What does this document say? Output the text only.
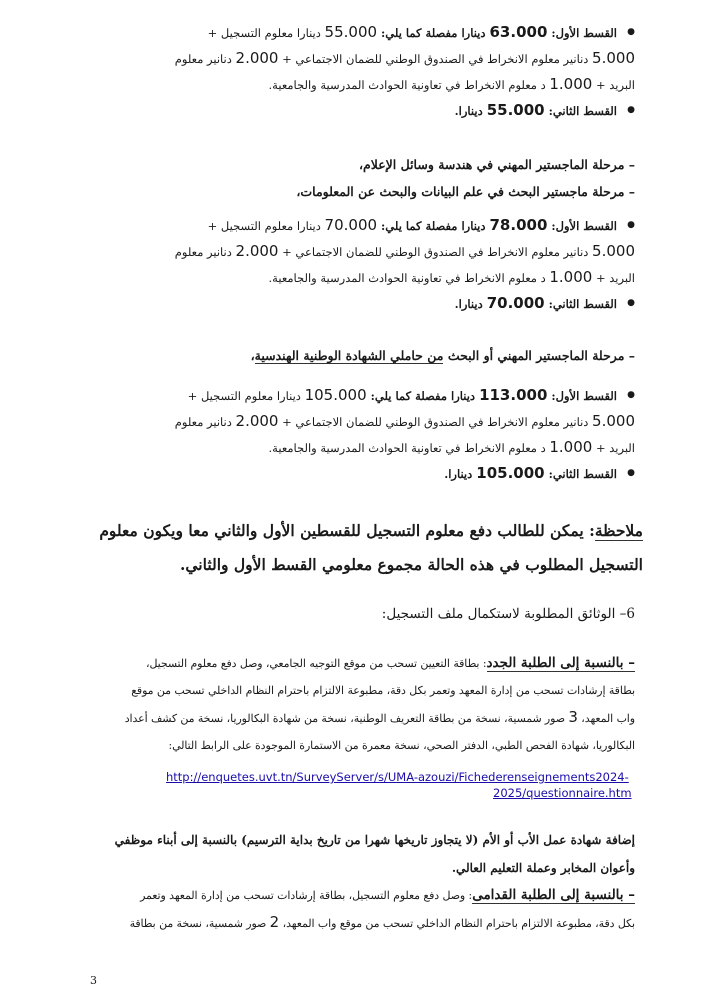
● القسط الأول: 63.000 دينارا مفصلة كما يلي: 55.000 دينارا معلوم التسجيل +
5.000 دنانير معلوم الانخراط في الصندوق الوطني للضمان الاجتماعي + 2.000 دنانير معلوم
البريد + 1.000 د معلوم الانخراط في تعاونية الحوادث المدرسية والجامعية.
● القسط الثاني: 55.000 دينارا.
– مرحلة الماجستير المهني في هندسة وسائل الإعلام،
– مرحلة ماجستير البحث في علم البيانات والبحث عن المعلومات،
● القسط الأول: 78.000 دينارا مفصلة كما يلي: 70.000 دينارا معلوم التسجيل +
5.000 دنانير معلوم الانخراط في الصندوق الوطني للضمان الاجتماعي + 2.000 دنانير معلوم
البريد + 1.000 د معلوم الانخراط في تعاونية الحوادث المدرسية والجامعية.
● القسط الثاني: 70.000 دينارا.
– مرحلة الماجستير المهني أو البحث من حاملي الشهادة الوطنية الهندسية،
● القسط الأول: 113.000 دينارا مفصلة كما يلي: 105.000 دينارا معلوم التسجيل +
5.000 دنانير معلوم الانخراط في الصندوق الوطني للضمان الاجتماعي + 2.000 دنانير معلوم
البريد + 1.000 د معلوم الانخراط في تعاونية الحوادث المدرسية والجامعية.
● القسط الثاني: 105.000 دينارا.
ملاحظة: يمكن للطالب دفع معلوم التسجيل للقسطين الأول والثاني معا ويكون معلوم
التسجيل المطلوب في هذه الحالة مجموع معلومي القسط الأول والثاني.
6– الوثائق المطلوبة لاستكمال ملف التسجيل:
– بالنسبة إلى الطلبة الجدد: بطاقة التعيين تسحب من موقع التوجيه الجامعي، وصل دفع معلوم التسجيل،
بطاقة إرشادات تسحب من إدارة المعهد وتعمر بكل دقة، مطبوعة الالتزام باحترام النظام الداخلي تسحب من موقع
واب المعهد، 3 صور شمسية، نسخة من بطاقة التعريف الوطنية، نسخة من شهادة البكالوريا، نسخة من كشف أعداد
البكالوريا، شهادة الفحص الطبي، الدفتر الصحي، نسخة معمرة من الاستمارة الموجودة على الرابط التالي:
http://enquetes.uvt.tn/SurveyServer/s/UMA-azouzi/Fichederenseignements2024-
2025/questionnaire.htm
إضافة شهادة عمل الأب أو الأم (لا يتجاوز تاريخها شهرا من تاريخ بداية الترسيم) بالنسبة إلى أبناء موظفي
وأعوان المخابر وعملة التعليم العالي.
– بالنسبة إلى الطلبة القدامى: وصل دفع معلوم التسجيل، بطاقة إرشادات تسحب من إدارة المعهد وتعمر
بكل دقة، مطبوعة الالتزام باحترام النظام الداخلي تسحب من موقع واب المعهد، 2 صور شمسية، نسخة من بطاقة
3
